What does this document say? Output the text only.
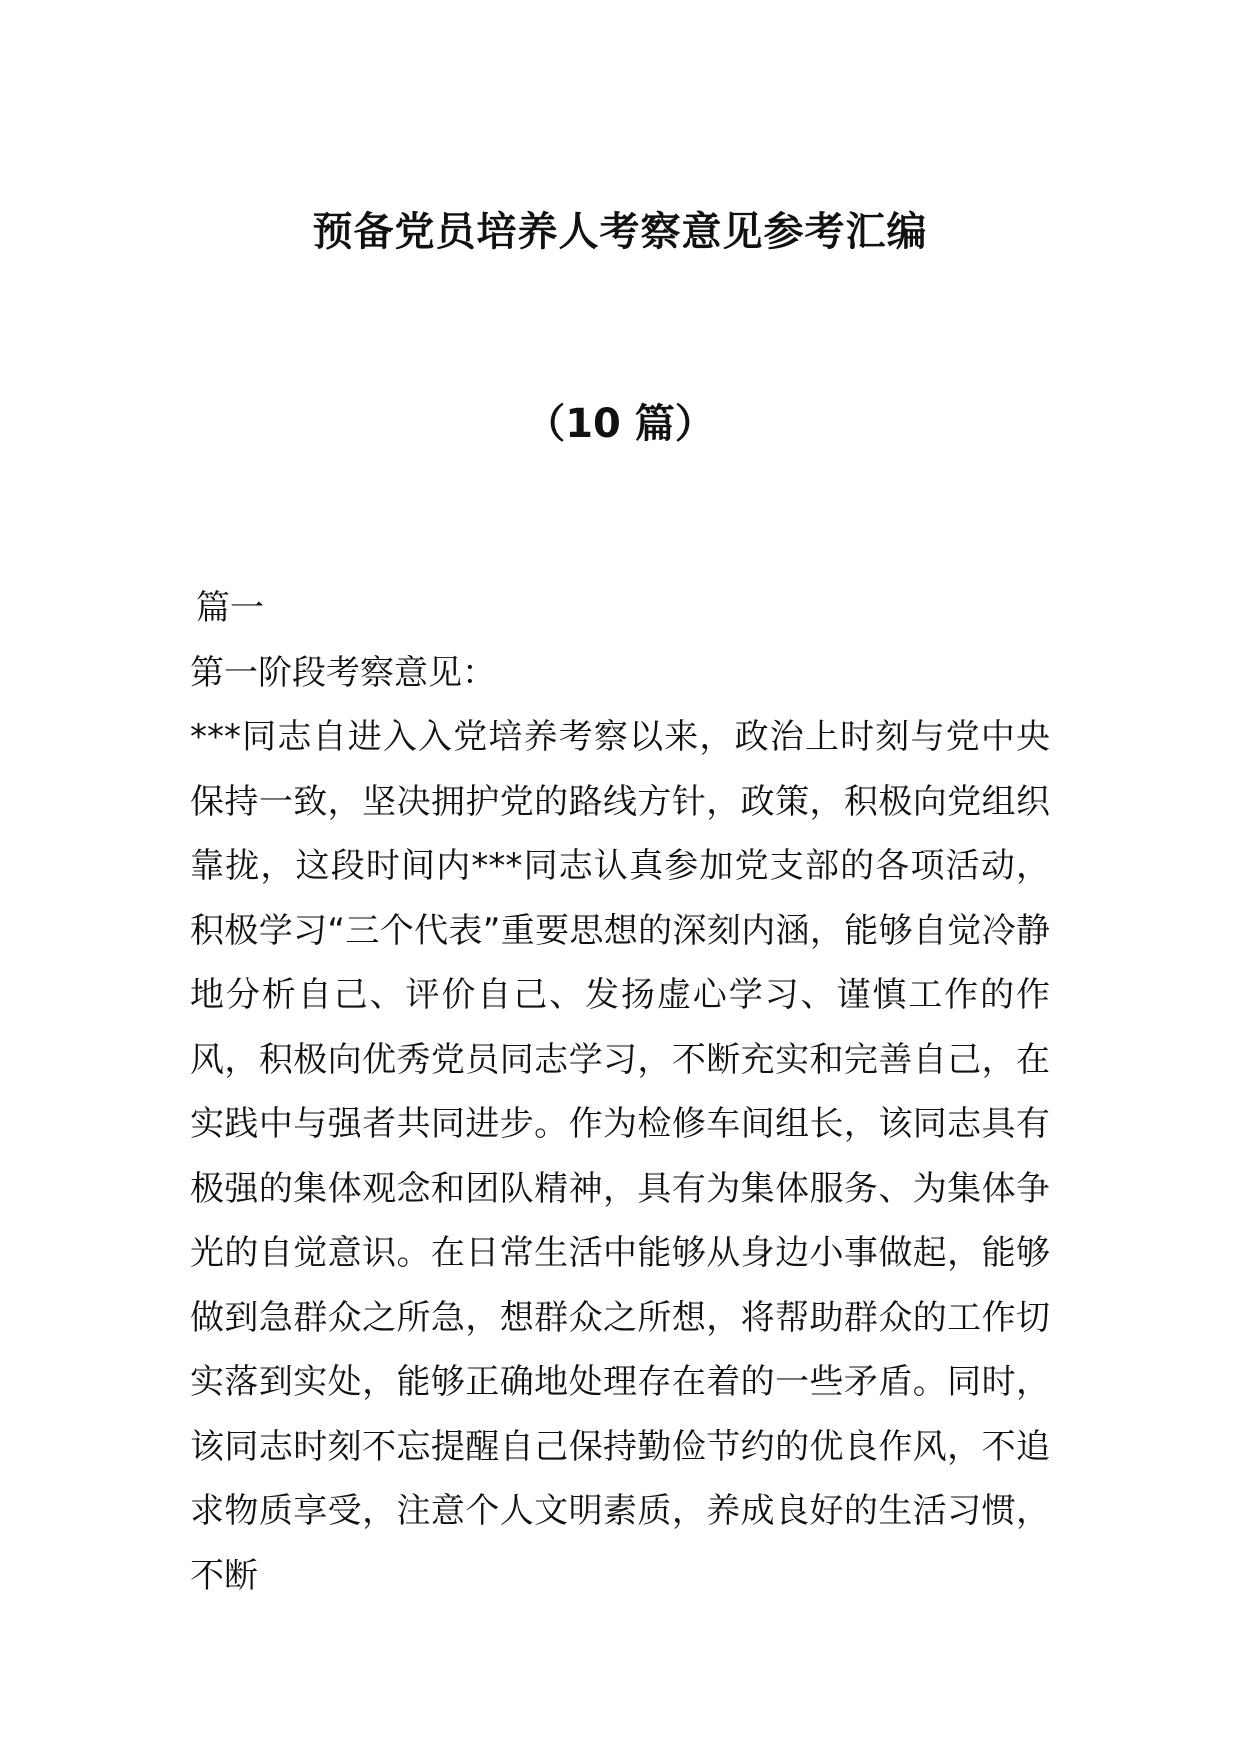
预备党员培养人考察意见参考汇编
（10 篇）
篇一
第一阶段考察意见：

***同志自进入入党培养考察以来，政治上时刻与党中央保持一致，坚决拥护党的路线方针，政策，积极向党组织靠拢，这段时间内***同志认真参加党支部的各项活动，积极学习“三个代表”重要思想的深刻内涵，能够自觉冷静地分析自己、评价自己、发扬虚心学习、谨慎工作的作风，积极向优秀党员同志学习，不断充实和完善自己，在实践中与强者共同进步。作为检修车间组长，该同志具有极强的集体观念和团队精神，具有为集体服务、为集体争光的自觉意识。在日常生活中能够从身边小事做起，能够做到急群众之所急，想群众之所想，将帮助群众的工作切实落到实处，能够正确地处理存在着的一些矛盾。同时，该同志时刻不忘提醒自己保持勤俭节约的优良作风，不追求物质享受，注意个人文明素质，养成良好的生活习惯，不断
